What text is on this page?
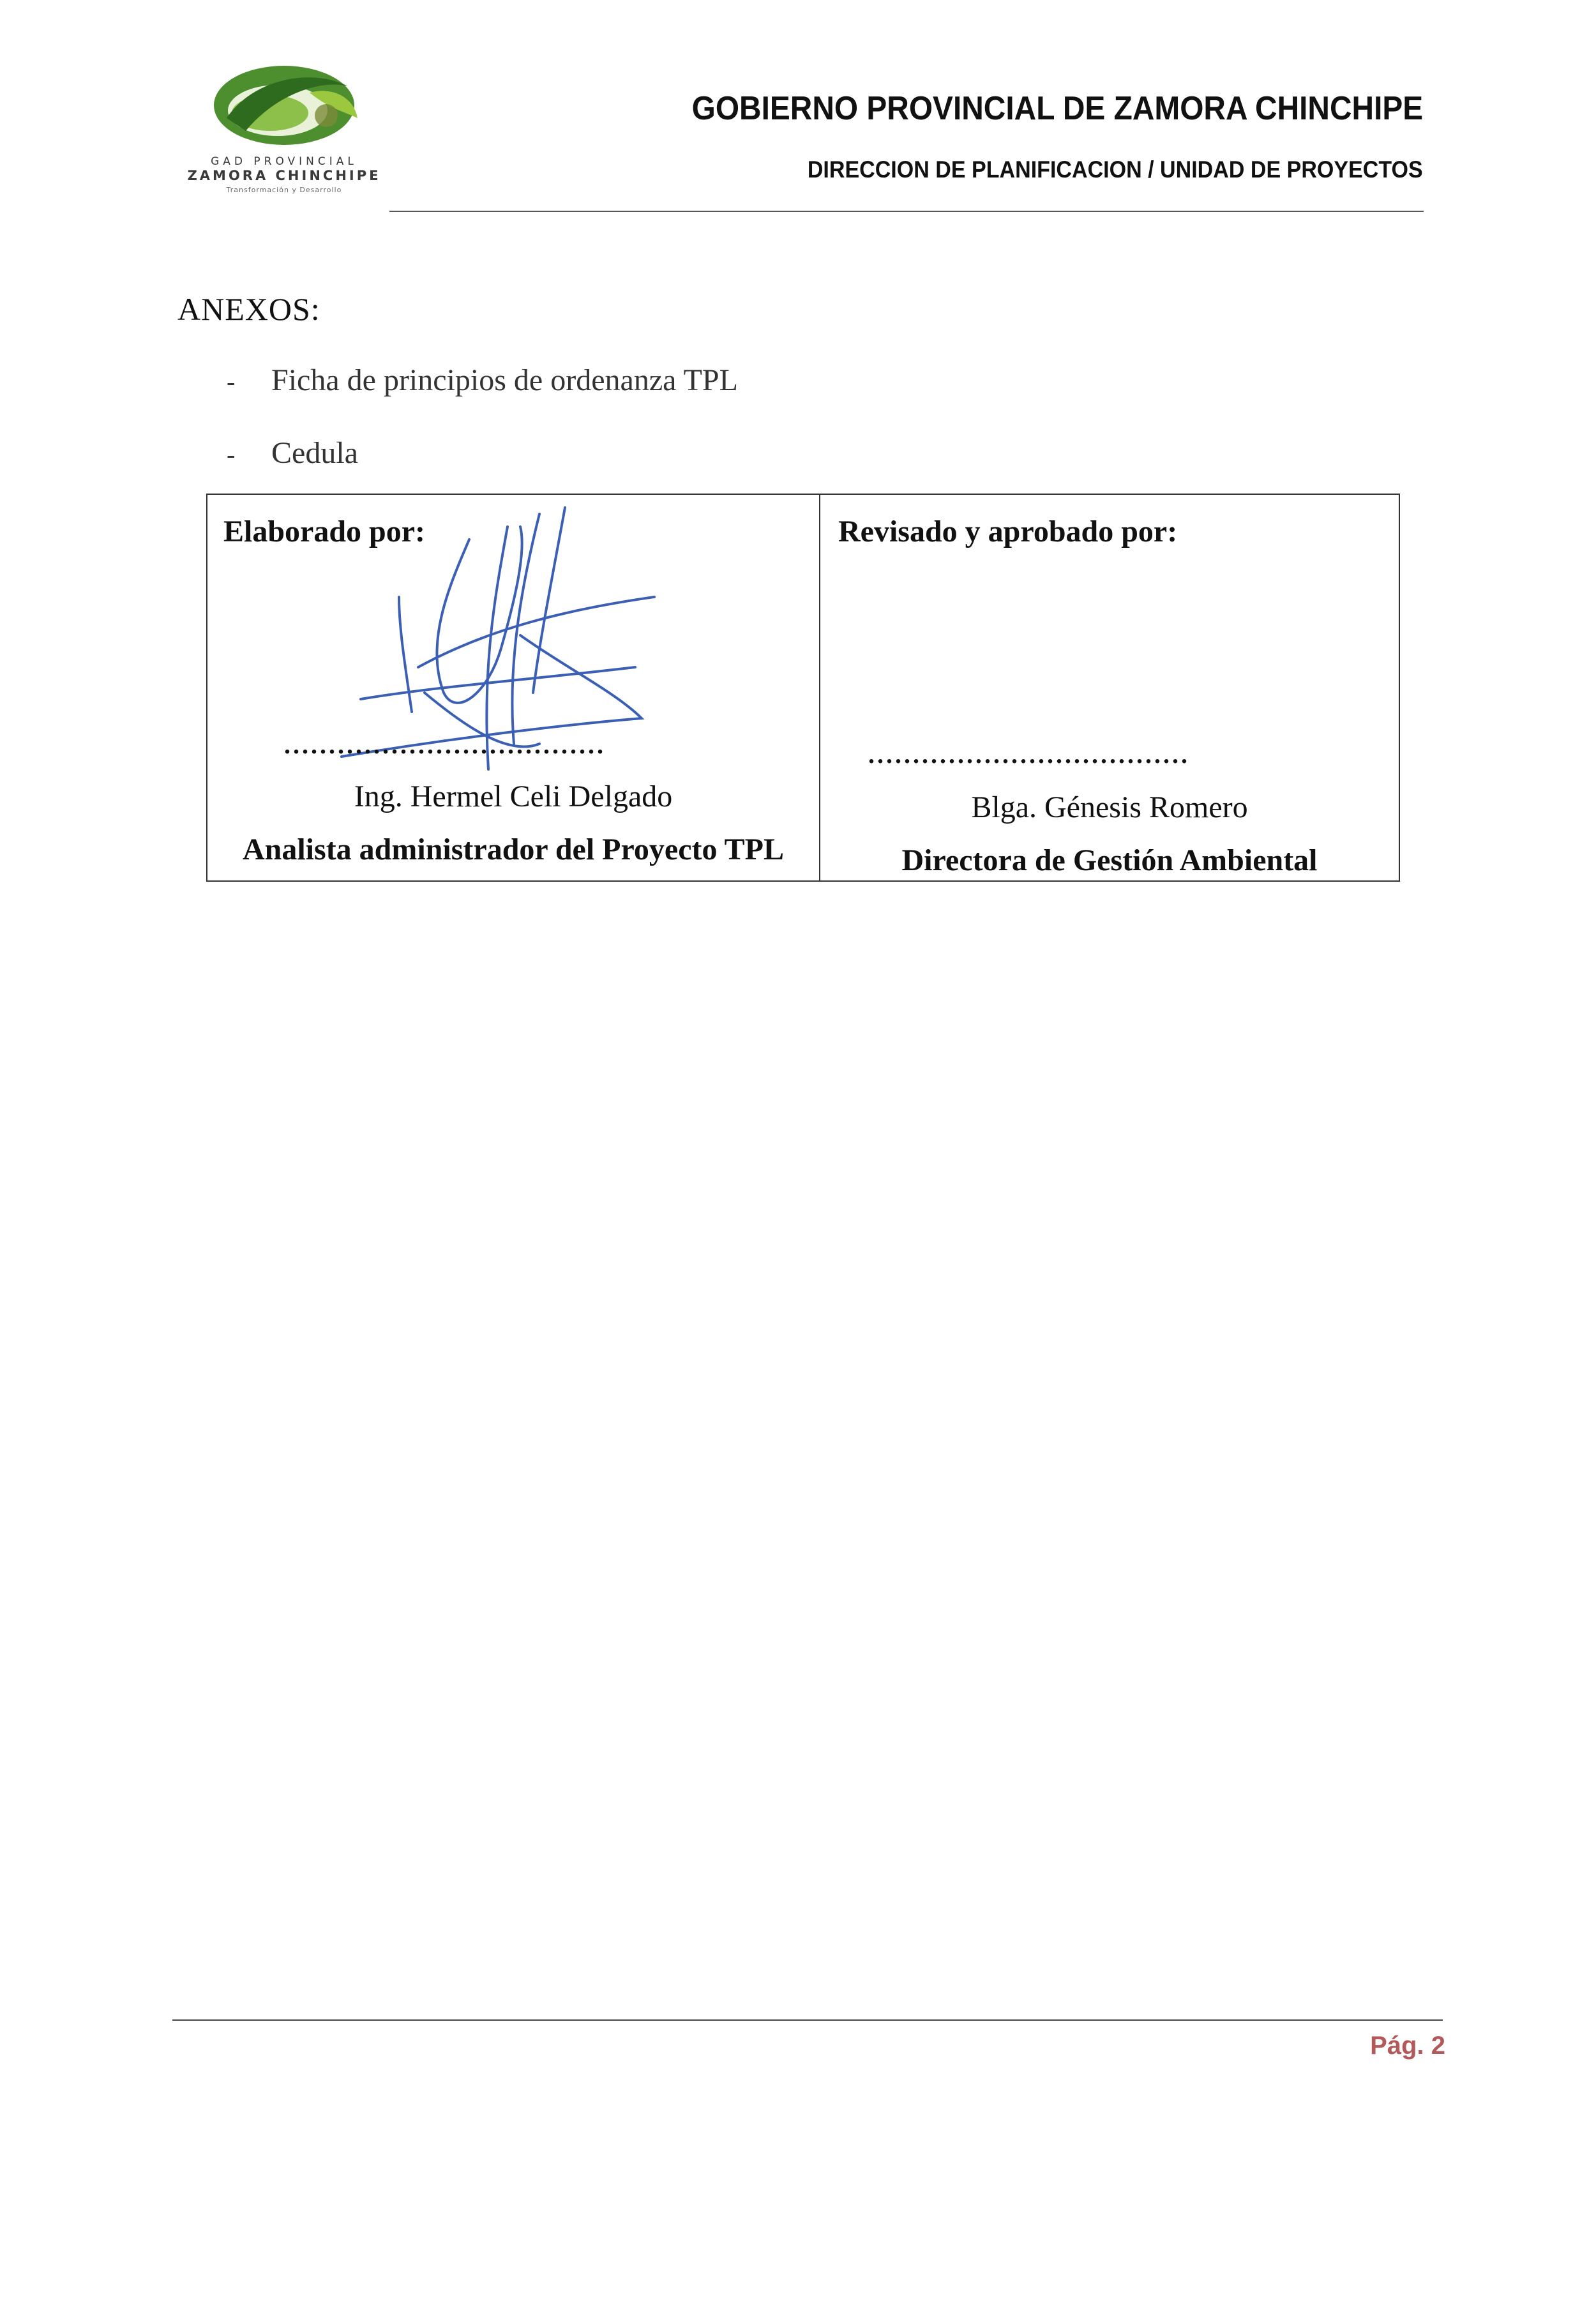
GAD PROVINCIAL
ZAMORA CHINCHIPE
Transformación y Desarrollo
GOBIERNO PROVINCIAL DE ZAMORA CHINCHIPE
DIRECCION DE PLANIFICACION / UNIDAD DE PROYECTOS
ANEXOS:
-	Ficha de principios de ordenanza TPL
-	Cedula
Elaborado por:
....................................
Ing. Hermel Celi Delgado
Analista administrador del Proyecto TPL
Revisado y aprobado por:
....................................
Blga. Génesis Romero
Directora de Gestión Ambiental
Pág. 2
